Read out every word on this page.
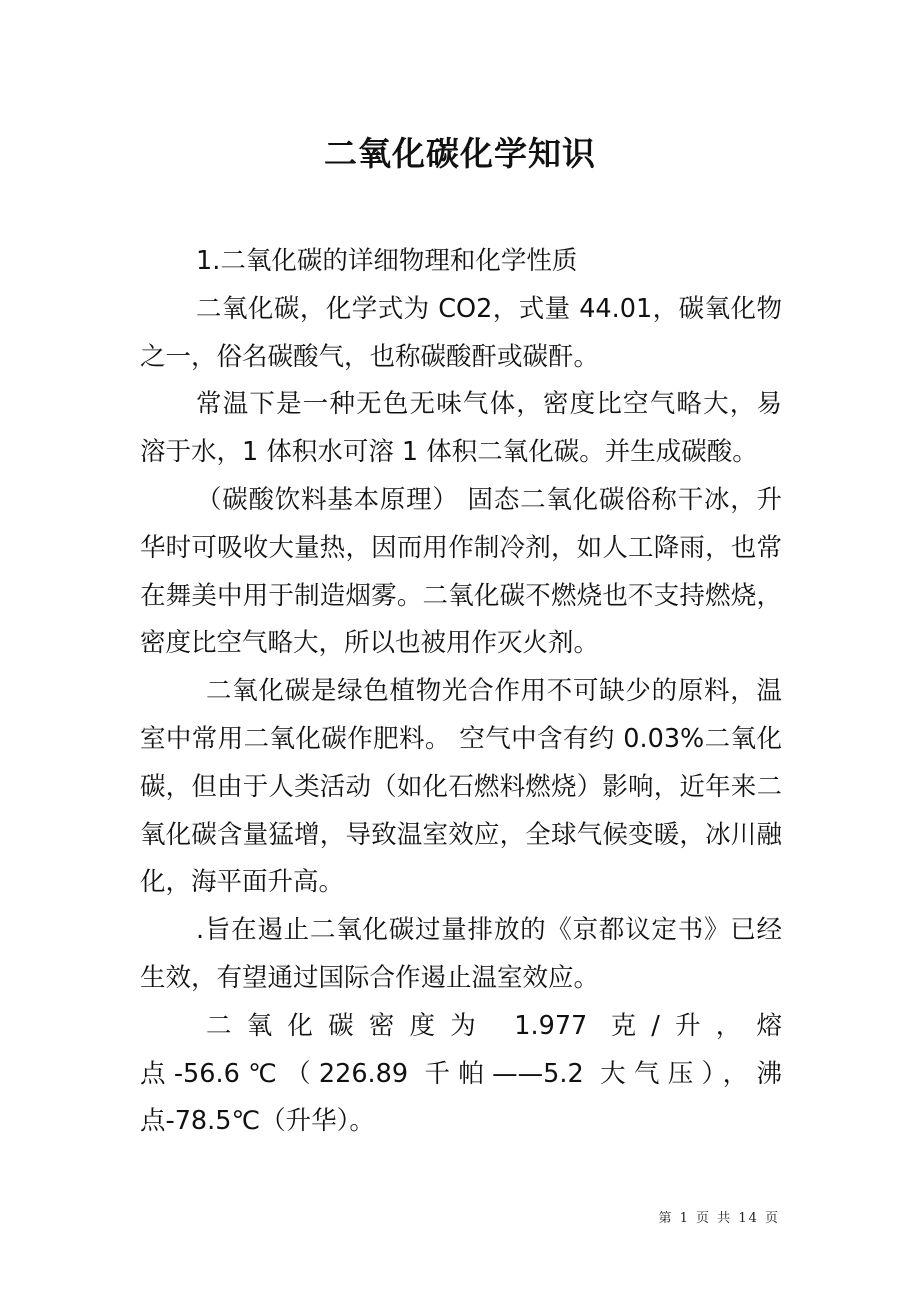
二氧化碳化学知识

1.二氧化碳的详细物理和化学性质

二氧化碳，化学式为 CO2，式量 44.01，碳氧化物之一，俗名碳酸气，也称碳酸酐或碳酐。

常温下是一种无色无味气体，密度比空气略大，易溶于水，1 体积水可溶 1 体积二氧化碳。并生成碳酸。

（碳酸饮料基本原理） 固态二氧化碳俗称干冰，升华时可吸收大量热，因而用作制冷剂，如人工降雨，也常在舞美中用于制造烟雾。二氧化碳不燃烧也不支持燃烧，密度比空气略大，所以也被用作灭火剂。

二氧化碳是绿色植物光合作用不可缺少的原料，温室中常用二氧化碳作肥料。 空气中含有约 0.03%二氧化碳，但由于人类活动（如化石燃料燃烧）影响，近年来二氧化碳含量猛增，导致温室效应，全球气候变暖，冰川融化，海平面升高。

.旨在遏止二氧化碳过量排放的《京都议定书》已经生效，有望通过国际合作遏止温室效应。

二氧化碳密度为 1.977 克/升，熔点-56.6℃（226.89 千帕——5.2 大气压），沸点-78.5℃（升华）。

第 1 页 共 14 页
